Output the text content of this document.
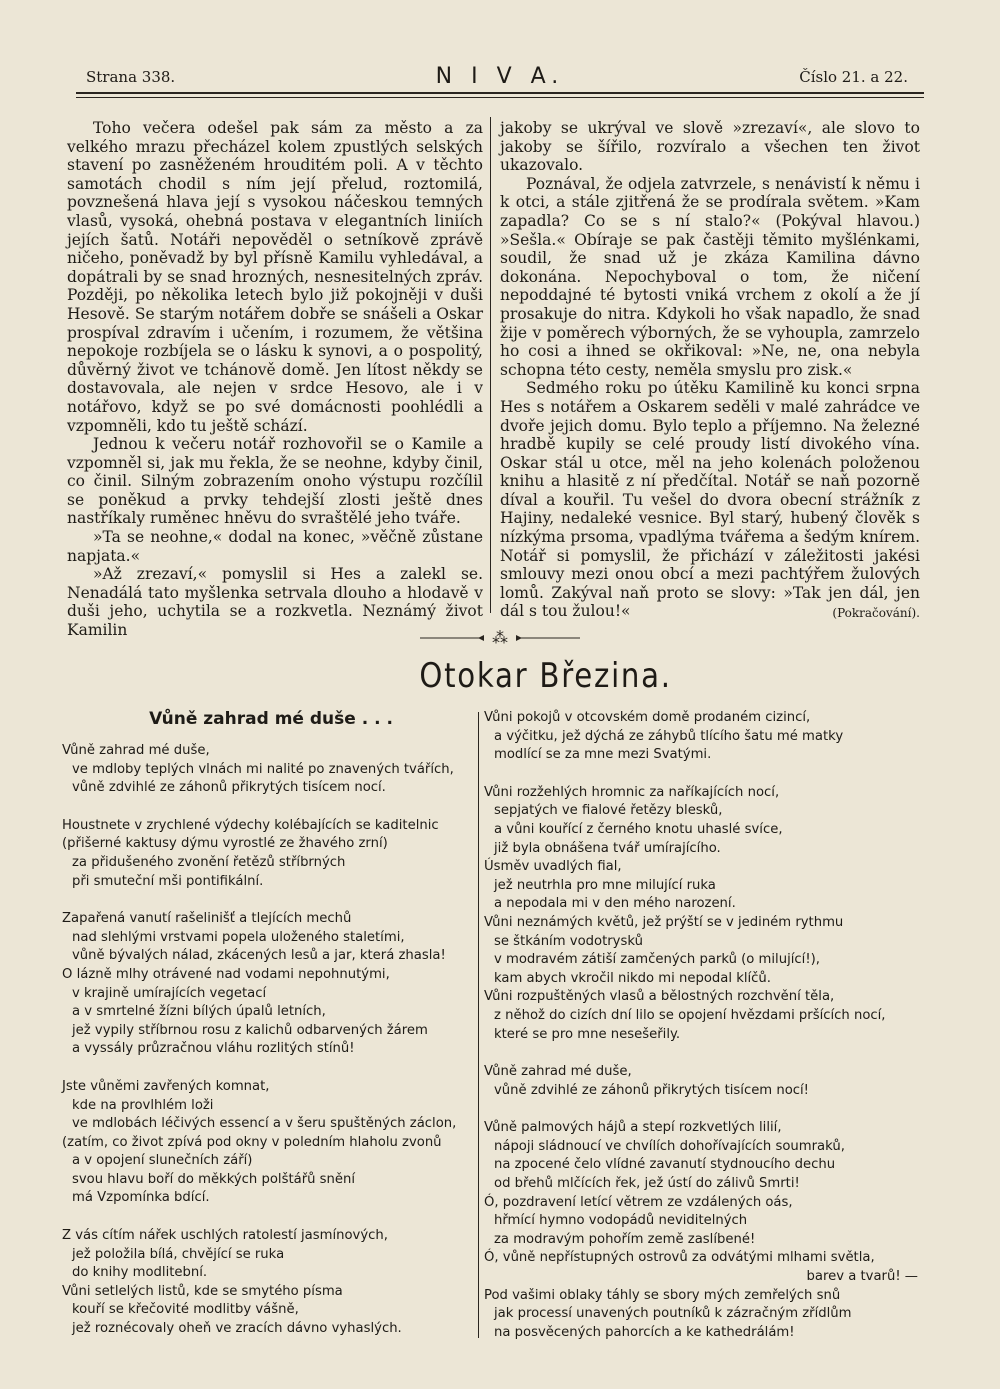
Strana 338.	N I V A.	Číslo 21. a 22.

Toho večera odešel pak sám za město a za velkého mrazu přecházel kolem zpustlých selských stavení po zasněženém hrouditém poli. A v těchto samotách chodil s ním její přelud, roztomilá, povznešená hlava její s vysokou náčeskou temných vlasů, vysoká, ohebná postava v elegantních liniích jejích šatů. Notáři nepověděl o setníkově zprávě ničeho, poněvadž by byl přísně Kamilu vyhledával, a dopátrali by se snad hrozných, nesnesitelných zpráv. Později, po několika letech bylo již pokojněji v duši Hesově. Se starým notářem dobře se snášeli a Oskar prospíval zdravím i učením, i rozumem, že většina nepokoje rozbíjela se o lásku k synovi, a o pospolitý, důvěrný život ve tchánově domě. Jen lítost někdy se dostavovala, ale nejen v srdce Hesovo, ale i v notářovo, když se po své domácnosti poohlédli a vzpomněli, kdo tu ještě schází.

Jednou k večeru notář rozhovořil se o Kamile a vzpomněl si, jak mu řekla, že se neohne, kdyby činil, co činil. Silným zobrazením onoho výstupu rozčílil se poněkud a prvky tehdejší zlosti ještě dnes nastříkaly ruměnec hněvu do svraštělé jeho tváře.

»Ta se neohne,« dodal na konec, »věčně zůstane napjata.«

»Až zrezaví,« pomyslil si Hes a zalekl se. Nenadálá tato myšlenka setrvala dlouho a hlodavě v duši jeho, uchytila se a rozkvetla. Neznámý život Kamilin

jakoby se ukrýval ve slově »zrezaví«, ale slovo to jakoby se šířilo, rozvíralo a všechen ten život ukazovalo.

Poznával, že odjela zatvrzele, s nenávistí k němu i k otci, a stále zjitřená že se prodírala světem. »Kam zapadla? Co se s ní stalo?« (Pokýval hlavou.) »Sešla.« Obíraje se pak častěji těmito myšlénkami, soudil, že snad už je zkáza Kamilina dávno dokonána. Nepochyboval o tom, že ničení nepoddajné té bytosti vniká vrchem z okolí a že jí prosakuje do nitra. Kdykoli ho však napadlo, že snad žije v poměrech výborných, že se vyhoupla, zamrzelo ho cosi a ihned se okřikoval: »Ne, ne, ona nebyla schopna této cesty, neměla smyslu pro zisk.«

Sedmého roku po útěku Kamilině ku konci srpna Hes s notářem a Oskarem seděli v malé zahrádce ve dvoře jejich domu. Bylo teplo a příjemno. Na železné hradbě kupily se celé proudy listí divokého vína. Oskar stál u otce, měl na jeho kolenách položenou knihu a hlasitě z ní předčítal. Notář se naň pozorně díval a kouřil. Tu vešel do dvora obecní strážník z Hajiny, nedaleké vesnice. Byl starý, hubený člověk s nízkýma prsoma, vpadlýma tvářema a šedým knírem. Notář si pomyslil, že přichází v záležitosti jakési smlouvy mezi onou obcí a mezi pachtýřem žulových lomů. Zakýval naň proto se slovy: »Tak jen dál, jen dál s tou žulou!«	(Pokračování).

⁂
Otokar Březina.
Vůně zahrad mé duše . . .
Vůně zahrad mé duše,
ve mdloby teplých vlnách mi nalité po znavených tvářích,
vůně zdvihlé ze záhonů přikrytých tisícem nocí.
Houstnete v zrychlené výdechy kolébajících se kaditelnic
(přišerné kaktusy dýmu vyrostlé ze žhavého zrní)
za přidušeného zvonění řetězů stříbrných
při smuteční mši pontifikální.
Zapařená vanutí rašelinišť a tlejících mechů
nad slehlými vrstvami popela uloženého staletími,
vůně bývalých nálad, zkácených lesů a jar, která zhasla!
O lázně mlhy otrávené nad vodami nepohnutými,
v krajině umírajících vegetací
a v smrtelné žízni bílých úpalů letních,
jež vypily stříbrnou rosu z kalichů odbarvených žárem
a vyssály průzračnou vláhu rozlitých stínů!
Jste vůněmi zavřených komnat,
kde na provlhlém loži
ve mdlobách léčivých essencí a v šeru spuštěných záclon,
(zatím, co život zpívá pod okny v poledním hlaholu zvonů
a v opojení slunečních září)
svou hlavu boří do měkkých polštářů snění
má Vzpomínka bdící.
Z vás cítím nářek uschlých ratolestí jasmínových,
jež položila bílá, chvějící se ruka
do knihy modlitební.
Vůni setlelých listů, kde se smytého písma
kouří se křečovité modlitby vášně,
jež roznécovaly oheň ve zracích dávno vyhaslých.
Vůni pokojů v otcovském domě prodaném cizincí,
a výčitku, jež dýchá ze záhybů tlícího šatu mé matky
modlící se za mne mezi Svatými.
Vůni rozžehlých hromnic za naříkajících nocí,
sepjatých ve fialové řetězy blesků,
a vůni kouřící z černého knotu uhaslé svíce,
již byla obnášena tvář umírajícího.
Úsměv uvadlých fial,
jež neutrhla pro mne milující ruka
a nepodala mi v den mého narození.
Vůni neznámých květů, jež prýští se v jediném rythmu
se štkáním vodotrysků
v modravém zátiší zamčených parků (o milující!),
kam abych vkročil nikdo mi nepodal klíčů.
Vůni rozpuštěných vlasů a bělostných rozchvění těla,
z něhož do cizích dní lilo se opojení hvězdami pršících nocí,
které se pro mne nesešeřily.
Vůně zahrad mé duše,
vůně zdvihlé ze záhonů přikrytých tisícem nocí!
Vůně palmových hájů a stepí rozkvetlých lilií,
nápoji sládnoucí ve chvílích dohořívajících soumraků,
na zpocené čelo vlídné zavanutí stydnoucího dechu
od břehů mlčících řek, jež ústí do zálivů Smrti!
Ó, pozdravení letící větrem ze vzdálených oás,
hřmící hymno vodopádů neviditelných
za modravým pohořím země zaslíbené!
Ó, vůně nepřístupných ostrovů za odvátými mlhami světla,
barev a tvarů! —
Pod vašimi oblaky táhly se sbory mých zemřelých snů
jak processí unavených poutníků k zázračným zřídlům
na posvěcených pahorcích a ke kathedrálám!
